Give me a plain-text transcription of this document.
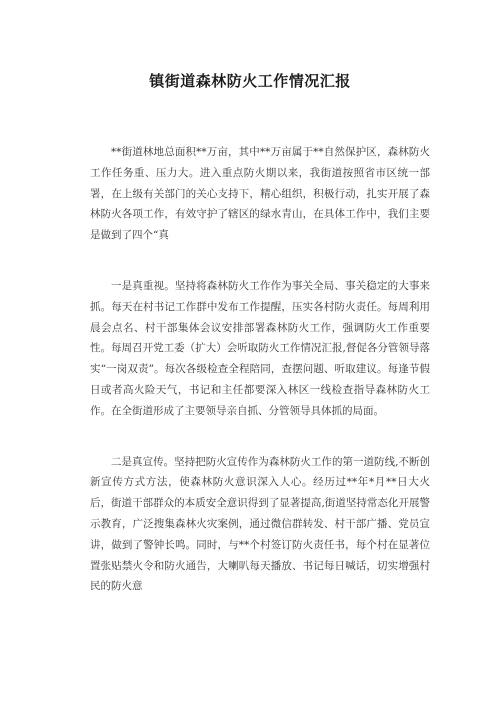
镇街道森林防火工作情况汇报

**街道林地总面积**万亩，其中**万亩属于**自然保护区，森林防火工作任务重、压力大。进入重点防火期以来，我街道按照省市区统一部署，在上级有关部门的关心支持下，精心组织，积极行动，扎实开展了森林防火各项工作，有效守护了辖区的绿水青山，在具体工作中，我们主要是做到了四个“真

一是真重视。坚持将森林防火工作作为事关全局、事关稳定的大事来抓。每天在村书记工作群中发布工作提醒，压实各村防火责任。每周利用晨会点名、村干部集体会议安排部署森林防火工作，强调防火工作重要性。每周召开党工委（扩大）会听取防火工作情况汇报,督促各分管领导落实“一岗双责”。每次各级检查全程陪同，查摆问题、听取建议。每逢节假日或者高火险天气，书记和主任都要深入林区一线检查指导森林防火工作。在全街道形成了主要领导亲自抓、分管领导具体抓的局面。

二是真宣传。坚持把防火宣传作为森林防火工作的第一道防线,不断创新宣传方式方法，使森林防火意识深入人心。经历过**年*月**日大火后，街道干部群众的本质安全意识得到了显著提高,街道坚持常态化开展警示教育，广泛搜集森林火灾案例，通过微信群转发、村干部广播、党员宣讲，做到了警钟长鸣。同时，与**个村签订防火责任书，每个村在显著位置张贴禁火令和防火通告，大喇叭每天播放、书记每日喊话，切实增强村民的防火意
